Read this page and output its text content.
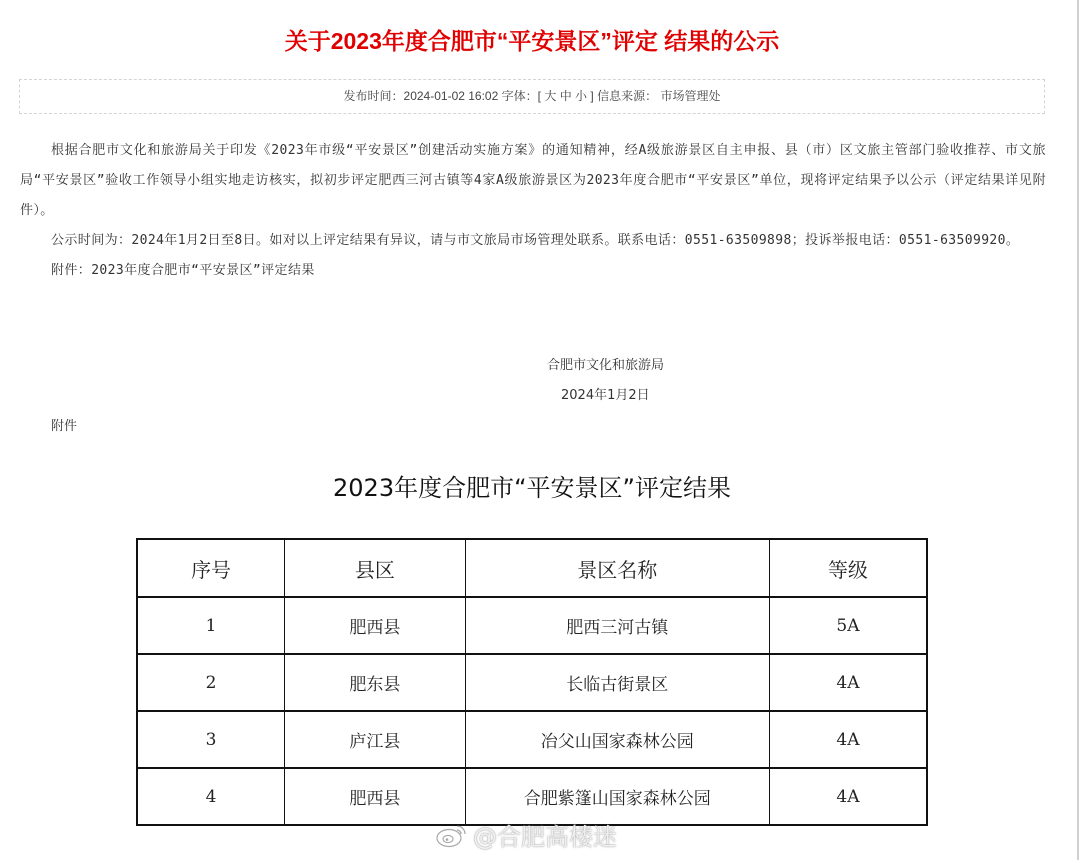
关于2023年度合肥市“平安景区”评定 结果的公示
发布时间：2024-01-02 16:02 字体：[ 大 中 小 ] 信息来源： 市场管理处

根据合肥市文化和旅游局关于印发《2023年市级“平安景区”创建活动实施方案》的通知精神，经A级旅游景区自主申报、县（市）区文旅主管部门验收推荐、市文旅局“平安景区”验收工作领导小组实地走访核实，拟初步评定肥西三河古镇等4家A级旅游景区为2023年度合肥市“平安景区”单位，现将评定结果予以公示（评定结果详见附件）。

公示时间为：2024年1月2日至8日。如对以上评定结果有异议，请与市文旅局市场管理处联系。联系电话：0551-63509898；投诉举报电话：0551-63509920。

附件：2023年度合肥市“平安景区”评定结果

合肥市文化和旅游局
2024年1月2日
附件
2023年度合肥市“平安景区”评定结果
序号	县区	景区名称	等级
1	肥西县	肥西三河古镇	5A
2	肥东县	长临古街景区	4A
3	庐江县	冶父山国家森林公园	4A
4	肥西县	合肥紫篷山国家森林公园	4A
@合肥高楼迷
